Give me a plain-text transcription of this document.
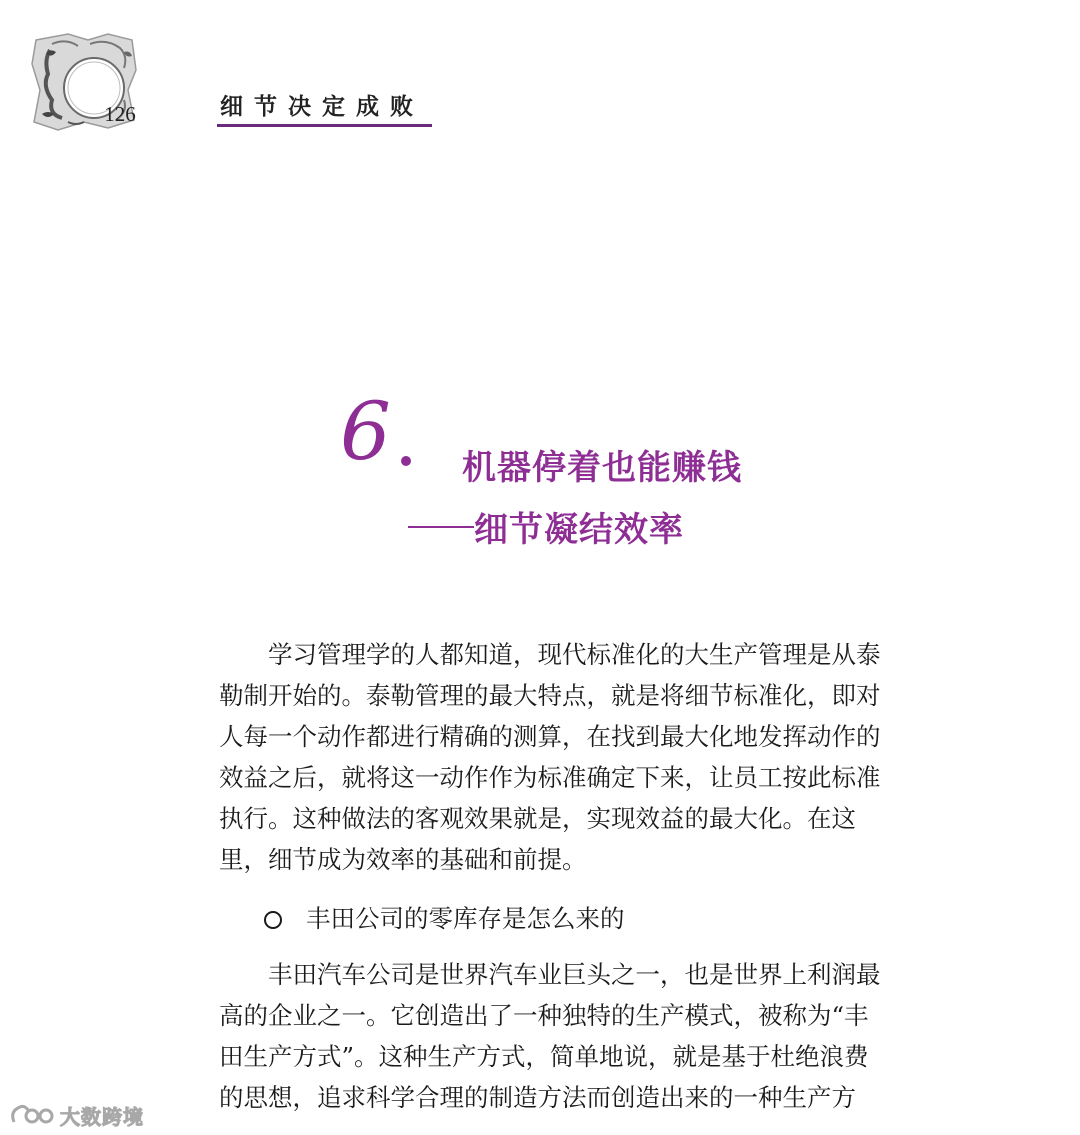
126	细节决定成败
6 机器停着也能赚钱
细节凝结效率
学习管理学的人都知道，现代标准化的大生产管理是从泰
勒制开始的。泰勒管理的最大特点，就是将细节标准化，即对
人每一个动作都进行精确的测算，在找到最大化地发挥动作的
效益之后，就将这一动作作为标准确定下来，让员工按此标准
执行。这种做法的客观效果就是，实现效益的最大化。在这
里，细节成为效率的基础和前提。
丰田公司的零库存是怎么来的
丰田汽车公司是世界汽车业巨头之一，也是世界上利润最
高的企业之一。它创造出了一种独特的生产模式，被称为“丰
田生产方式”。这种生产方式，简单地说，就是基于杜绝浪费
的思想，追求科学合理的制造方法而创造出来的一种生产方
大数跨境
